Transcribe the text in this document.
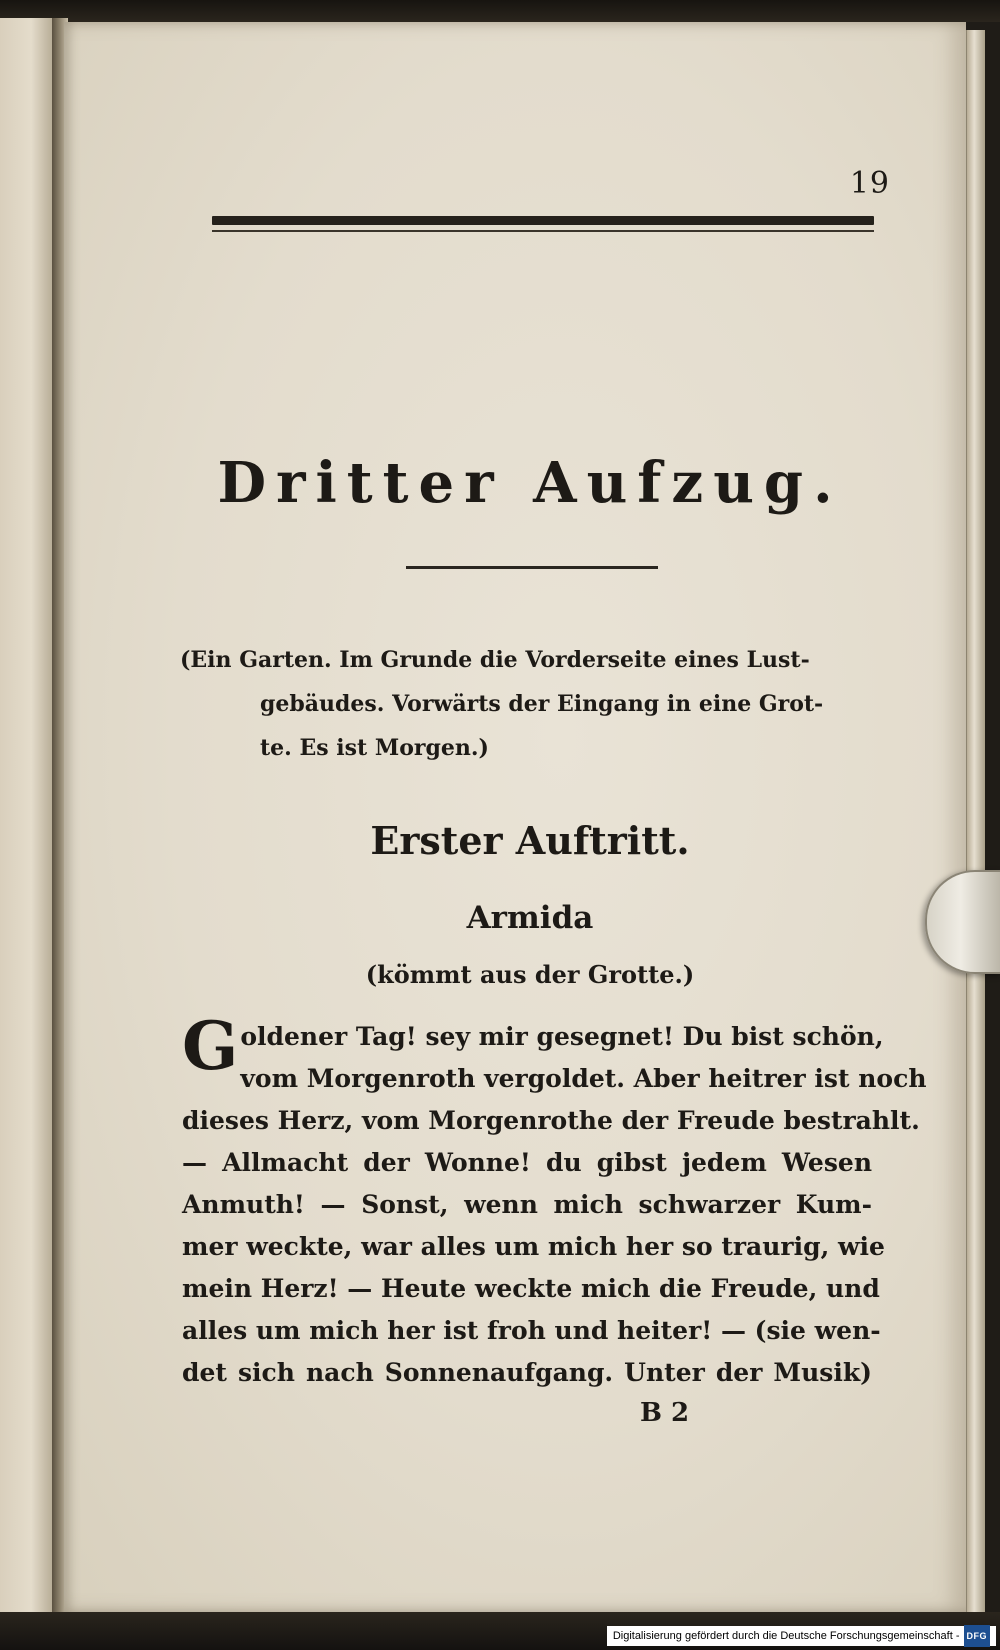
19
Dritter Aufzug.
(Ein Garten. Im Grunde die Vorderseite eines Lust-
gebäudes. Vorwärts der Eingang in eine Grot-
te. Es ist Morgen.)
Erster Auftritt.
Armida
(kömmt aus der Grotte.)
G oldener Tag! sey mir gesegnet! Du bist schön,
vom Morgenroth vergoldet. Aber heitrer ist noch
dieses Herz, vom Morgenrothe der Freude bestrahlt.
— Allmacht der Wonne! du gibst jedem Wesen
Anmuth! — Sonst, wenn mich schwarzer Kum-
mer weckte, war alles um mich her so traurig, wie
mein Herz! — Heute weckte mich die Freude, und
alles um mich her ist froh und heiter! — (sie wen-
det sich nach Sonnenaufgang. Unter der Musik)
B 2
Digitalisierung gefördert durch die Deutsche Forschungsgemeinschaft - DFG
